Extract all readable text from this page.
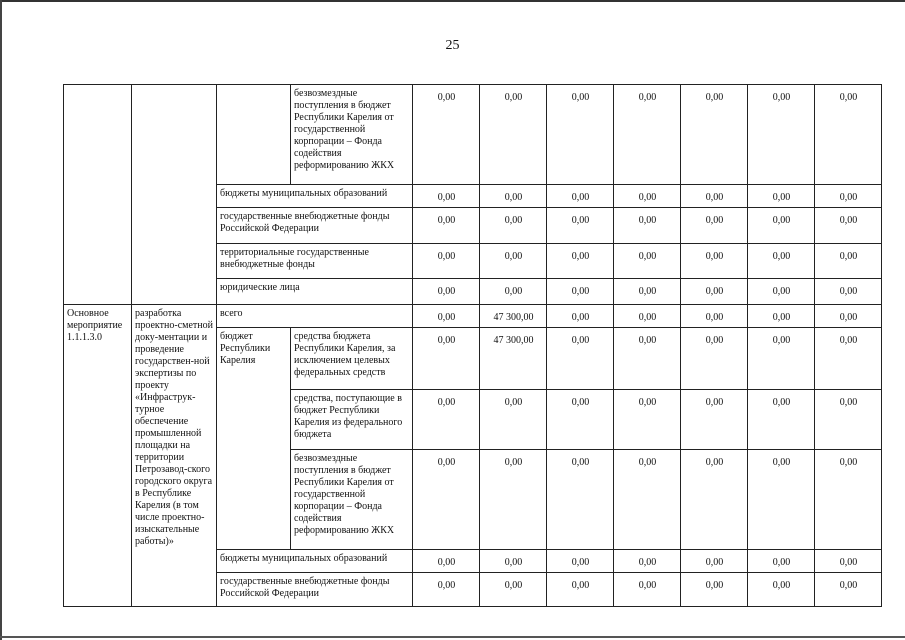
25
			безвозмездные поступления в бюджет Республики Карелия от государственной корпорации – Фонда содействия реформированию ЖКХ	0,00	0,00	0,00	0,00	0,00	0,00	0,00
		бюджеты муниципальных образований		0,00	0,00	0,00	0,00	0,00	0,00	0,00
		государственные внебюджетные фонды Российской Федерации		0,00	0,00	0,00	0,00	0,00	0,00	0,00
		территориальные государственные внебюджетные фонды		0,00	0,00	0,00	0,00	0,00	0,00	0,00
		юридические лица		0,00	0,00	0,00	0,00	0,00	0,00	0,00
Основное мероприятие 1.1.1.3.0	разработка проектно-сметной доку-ментации и проведение государствен-ной экспертизы по проекту «Инфраструк-турное обеспечение промышленной площадки на территории Петрозавод-ского городского округа в Республике Карелия (в том числе проектно-изыскательные работы)»	всего		0,00	47 300,00	0,00	0,00	0,00	0,00	0,00
		бюджет Республики Карелия	средства бюджета Республики Карелия, за исключением целевых федеральных средств	0,00	47 300,00	0,00	0,00	0,00	0,00	0,00
			средства, поступающие в бюджет Республики Карелия из федерального бюджета	0,00	0,00	0,00	0,00	0,00	0,00	0,00
			безвозмездные поступления в бюджет Республики Карелия от государственной корпорации – Фонда содействия реформированию ЖКХ	0,00	0,00	0,00	0,00	0,00	0,00	0,00
		бюджеты муниципальных образований		0,00	0,00	0,00	0,00	0,00	0,00	0,00
		государственные внебюджетные фонды Российской Федерации		0,00	0,00	0,00	0,00	0,00	0,00	0,00
